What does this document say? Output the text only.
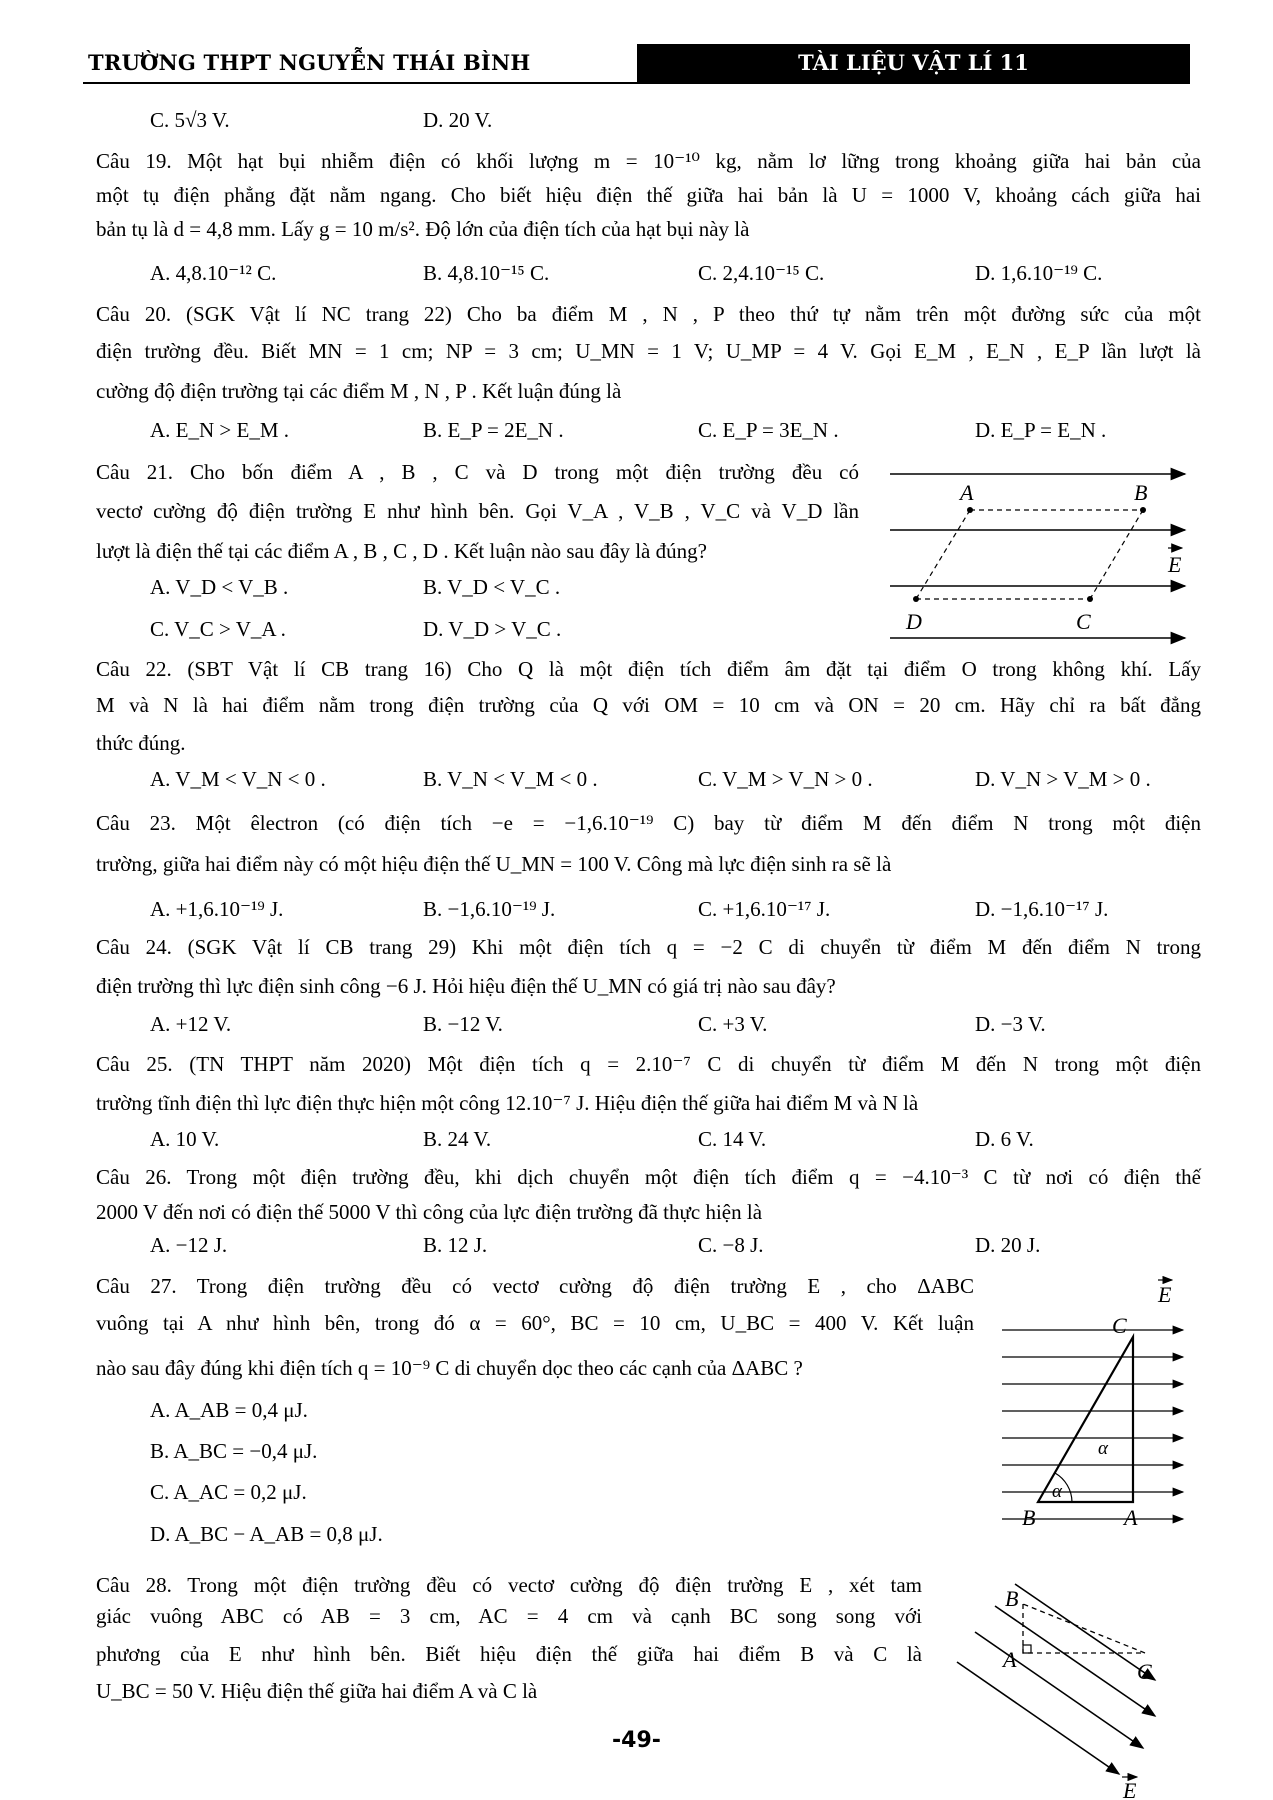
TRƯỜNG THPT NGUYỄN THÁI BÌNH	TÀI LIỆU VẬT LÍ 11
C. 5√3 V.	D. 20 V.
Câu 19. Một hạt bụi nhiễm điện có khối lượng m = 10⁻¹⁰ kg, nằm lơ lững trong khoảng giữa hai bản của
một tụ điện phẳng đặt nằm ngang. Cho biết hiệu điện thế giữa hai bản là U = 1000 V, khoảng cách giữa hai
bản tụ là d = 4,8 mm. Lấy g = 10 m/s². Độ lớn của điện tích của hạt bụi này là
A. 4,8.10⁻¹² C.	B. 4,8.10⁻¹⁵ C.	C. 2,4.10⁻¹⁵ C.	D. 1,6.10⁻¹⁹ C.
Câu 20. (SGK Vật lí NC trang 22) Cho ba điểm M , N , P theo thứ tự nằm trên một đường sức của một
điện trường đều. Biết MN = 1 cm; NP = 3 cm; U_MN = 1 V; U_MP = 4 V. Gọi E_M , E_N , E_P lần lượt là
cường độ điện trường tại các điểm M , N , P . Kết luận đúng là
A. E_N > E_M .	B. E_P = 2E_N .	C. E_P = 3E_N .	D. E_P = E_N .
Câu 21. Cho bốn điểm A , B , C và D trong một điện trường đều có
vectơ cường độ điện trường E như hình bên. Gọi V_A , V_B , V_C và V_D lần
lượt là điện thế tại các điểm A , B , C , D . Kết luận nào sau đây là đúng?
A. V_D < V_B .	B. V_D < V_C .
C. V_C > V_A .	D. V_D > V_C .
A	B
C
D
E
Câu 22. (SBT Vật lí CB trang 16) Cho Q là một điện tích điểm âm đặt tại điểm O trong không khí. Lấy
M và N là hai điểm nằm trong điện trường của Q với OM = 10 cm và ON = 20 cm. Hãy chỉ ra bất đẳng
thức đúng.
A. V_M < V_N < 0 .	B. V_N < V_M < 0 .	C. V_M > V_N > 0 .	D. V_N > V_M > 0 .
Câu 23. Một êlectron (có điện tích −e = −1,6.10⁻¹⁹ C) bay từ điểm M đến điểm N trong một điện
trường, giữa hai điểm này có một hiệu điện thế U_MN = 100 V. Công mà lực điện sinh ra sẽ là
A. +1,6.10⁻¹⁹ J.	B. −1,6.10⁻¹⁹ J.	C. +1,6.10⁻¹⁷ J.	D. −1,6.10⁻¹⁷ J.
Câu 24. (SGK Vật lí CB trang 29) Khi một điện tích q = −2 C di chuyển từ điểm M đến điểm N trong
điện trường thì lực điện sinh công −6 J. Hỏi hiệu điện thế U_MN có giá trị nào sau đây?
A. +12 V.	B. −12 V.	C. +3 V.	D. −3 V.
Câu 25. (TN THPT năm 2020) Một điện tích q = 2.10⁻⁷ C di chuyển từ điểm M đến N trong một điện
trường tĩnh điện thì lực điện thực hiện một công 12.10⁻⁷ J. Hiệu điện thế giữa hai điểm M và N là
A. 10 V.	B. 24 V.	C. 14 V.	D. 6 V.
Câu 26. Trong một điện trường đều, khi dịch chuyển một điện tích điểm q = −4.10⁻³ C từ nơi có điện thế
2000 V đến nơi có điện thế 5000 V thì công của lực điện trường đã thực hiện là
A. −12 J.	B. 12 J.	C. −8 J.	D. 20 J.
Câu 27. Trong điện trường đều có vectơ cường độ điện trường E , cho ΔABC
vuông tại A như hình bên, trong đó α = 60°, BC = 10 cm, U_BC = 400 V. Kết luận
nào sau đây đúng khi điện tích q = 10⁻⁹ C di chuyển dọc theo các cạnh của ΔABC ?
A. A_AB = 0,4 μJ.
B. A_BC = −0,4 μJ.
C. A_AC = 0,2 μJ.
D. A_BC − A_AB = 0,8 μJ.
α
α
B	A
C
E
Câu 28. Trong một điện trường đều có vectơ cường độ điện trường E , xét tam
giác vuông ABC có AB = 3 cm, AC = 4 cm và cạnh BC song song với
phương của E như hình bên. Biết hiệu điện thế giữa hai điểm B và C là
U_BC = 50 V. Hiệu điện thế giữa hai điểm A và C là
B
A	C
E
-49-
